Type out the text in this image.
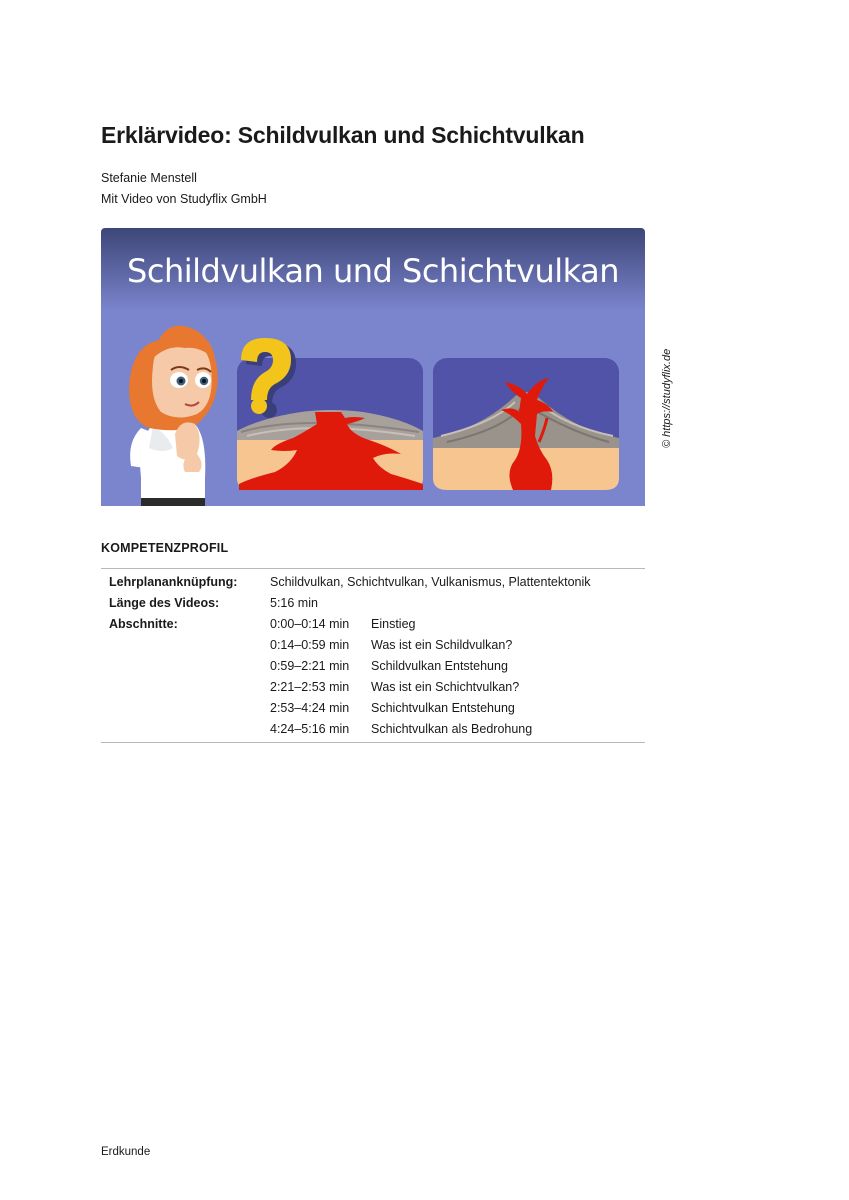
Erklärvideo: Schildvulkan und Schichtvulkan
Stefanie Menstell
Mit Video von Studyflix GmbH
Schildvulkan und Schichtvulkan
© https://studyflix.de
KOMPETENZPROFIL
Lehrplananknüpfung:	Schildvulkan, Schichtvulkan, Vulkanismus, Plattentektonik
Länge des Videos:	5:16 min
Abschnitte:	0:00–0:14 min Einstieg
0:14–0:59 min Was ist ein Schildvulkan?
0:59–2:21 min Schildvulkan Entstehung
2:21–2:53 min Was ist ein Schichtvulkan?
2:53–4:24 min Schichtvulkan Entstehung
4:24–5:16 min Schichtvulkan als Bedrohung
Erdkunde
